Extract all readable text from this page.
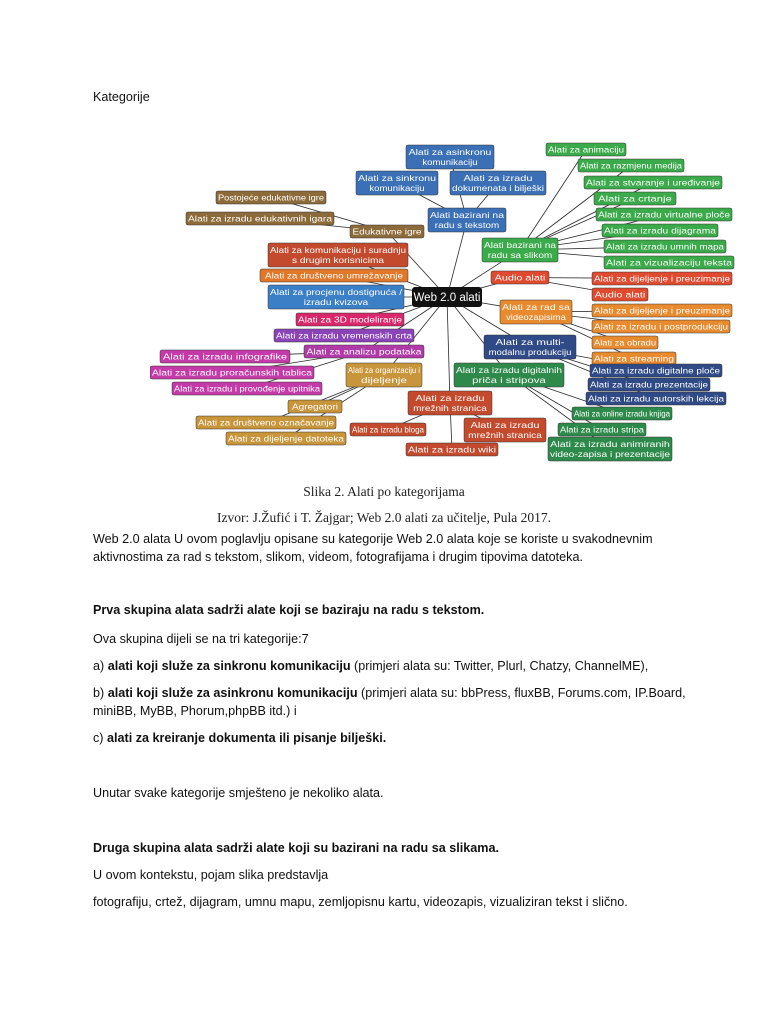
Kategorije

Alati za asinkronu
komunikaciju
Alati za sinkronu
komunikaciju
Alati za izradu
dokumenata i bilješki
Postojeće edukativne igre
Alati za izradu edukativnih igara	Alati bazirani na
radu s tekstom
Edukativne igre
Alati za komunikaciju i suradnju
s drugim korisnicima
Alati za društveno umrežavanje
Alati za procjenu dostignuća /
izradu kvizova
Alati za 3D modeliranje
Alati za izradu vremenskih crta
Alati za izradu infografike Alati za analizu podataka
Alati za izradu proračunskih tablica
Alati za izradu i provođenje upitnika
Alati za organizaciju i
dijeljenje
Agregatori
Alati za društveno označavanje
Alati za dijeljenje datoteka
Alati za izradu
mrežnih stranica
Alati za izradu bloga	Alati za izradu
mrežnih stranica
Alati za izradu wiki
Alati za izradu digitalnih
priča i stripova
Alati za multi-
modalnu produkciju
Alati za rad sa
videozapisima
Audio alati
Alati bazirani na
radu sa slikom
Alati za animaciju
Alati za razmjenu medija
Alati za stvaranje i uređivanje
Alati za crtanje
Alati za izradu virtualne ploče
Alati za izradu dijagrama
Alati za izradu umnih mapa
Alati za vizualizaciju teksta
Alati za dijeljenje i preuzimanje
Audio alati
Alati za dijeljenje i preuzimanje
Alati za izradu i postprodukciju
Alati za obradu
Alati za streaming
Alati za izradu digitalne ploče
Alati za izradu prezentacije
Alati za izradu autorskih lekcija
Alati za online izradu knjiga
Alati za izradu stripa
Alati za izradu animiranih
video-zapisa i prezentacije
Web 2.0 alati

Slika 2. Alati po kategorijama

Izvor: J.Žufić i T. Žajgar; Web 2.0 alati za učitelje, Pula 2017.

Web 2.0 alata U ovom poglavlju opisane su kategorije Web 2.0 alata koje se koriste u svakodnevnim aktivnostima za rad s tekstom, slikom, videom, fotografijama i drugim tipovima datoteka.

Prva skupina alata sadrži alate koji se baziraju na radu s tekstom.

Ova skupina dijeli se na tri kategorije:7

a) alati koji služe za sinkronu komunikaciju (primjeri alata su: Twitter, Plurl, Chatzy, ChannelME),

b) alati koji služe za asinkronu komunikaciju (primjeri alata su: bbPress, fluxBB, Forums.com, IP.Board, miniBB, MyBB, Phorum,phpBB itd.) i

c) alati za kreiranje dokumenta ili pisanje bilješki.

Unutar svake kategorije smješteno je nekoliko alata.

Druga skupina alata sadrži alate koji su bazirani na radu sa slikama.

U ovom kontekstu, pojam slika predstavlja

fotografiju, crtež, dijagram, umnu mapu, zemljopisnu kartu, videozapis, vizualiziran tekst i slično.
